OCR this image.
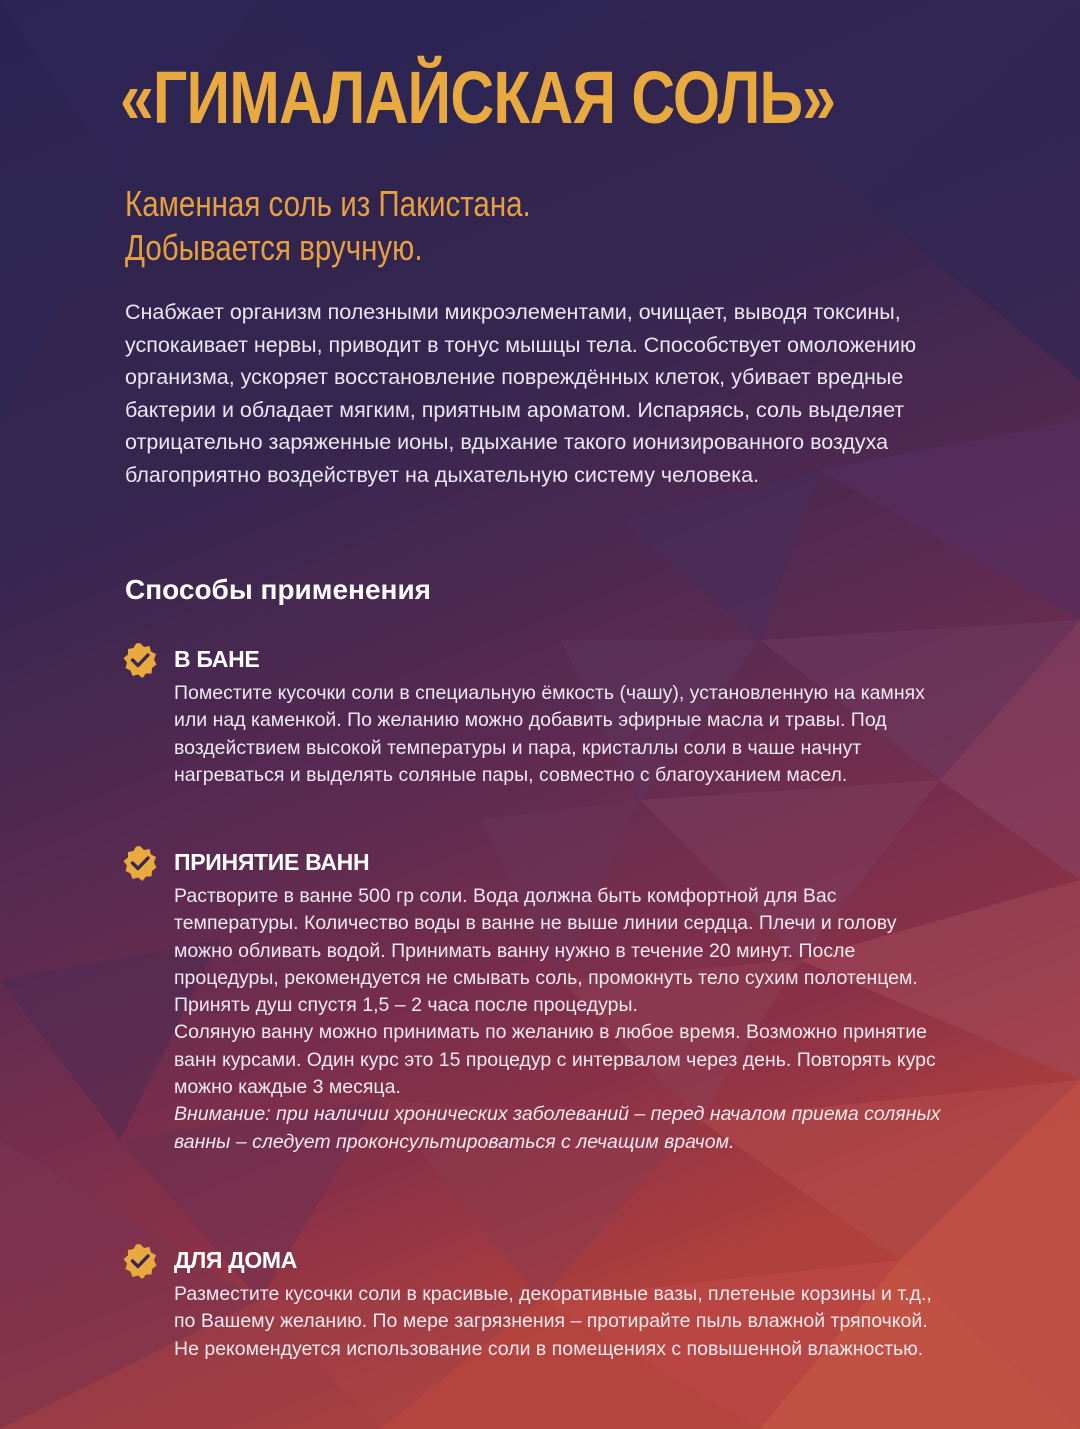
«ГИМАЛАЙСКАЯ СОЛЬ»
Каменная соль из Пакистана.
Добывается вручную.
Снабжает организм полезными микроэлементами, очищает, выводя токсины, успокаивает нервы, приводит в тонус мышцы тела. Способствует омоложению организма, ускоряет восстановление повреждённых клеток, убивает вредные бактерии и обладает мягким, приятным ароматом. Испаряясь, соль выделяет отрицательно заряженные ионы, вдыхание такого ионизированного воздуха благоприятно воздействует на дыхательную систему человека.
Способы применения
В БАНЕ
Поместите кусочки соли в специальную ёмкость (чашу), установленную на камнях или над каменкой. По желанию можно добавить эфирные масла и травы. Под воздействием высокой температуры и пара, кристаллы соли в чаше начнут нагреваться и выделять соляные пары, совместно с благоуханием масел.
ПРИНЯТИЕ ВАНН

Растворите в ванне 500 гр соли. Вода должна быть комфортной для Вас температуры. Количество воды в ванне не выше линии сердца. Плечи и голову можно обливать водой. Принимать ванну нужно в течение 20 минут. После процедуры, рекомендуется не смывать соль, промокнуть тело сухим полотенцем. Принять душ спустя 1,5 – 2 часа после процедуры.

Соляную ванну можно принимать по желанию в любое время. Возможно принятие ванн курсами. Один курс это 15 процедур с интервалом через день. Повторять курс можно каждые 3 месяца.

Внимание: при наличии хронических заболеваний – перед началом приема соляных ванны – следует проконсультироваться с лечащим врачом.

ДЛЯ ДОМА
Разместите кусочки соли в красивые, декоративные вазы, плетеные корзины и т.д., по Вашему желанию. По мере загрязнения – протирайте пыль влажной тряпочкой. Не рекомендуется использование соли в помещениях с повышенной влажностью.
